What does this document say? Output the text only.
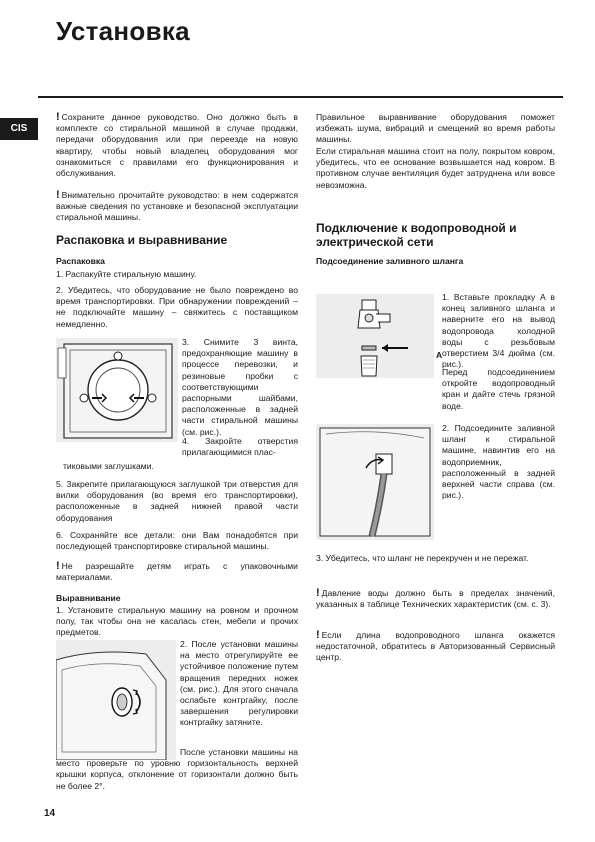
Установка
CIS
! Сохраните данное руководство. Оно должно быть в комплекте со стиральной машиной в случае продажи, передачи оборудования или при переезде на новую квартиру, чтобы новый владелец оборудования мог ознакомиться с правилами его функционирования и обслуживания.
! Внимательно прочитайте руководство: в нем содержатся важные сведения по установке и безопасной эксплуатации стиральной машины.
Распаковка и выравнивание
Распаковка
1. Распакуйте стиральную машину.
2. Убедитесь, что оборудование не было повреждено во время транспортировки. При обнаружении повреждений – не подключайте машину – свяжитесь с поставщиком немедленно.
3. Снимите 3 винта, предохраняющие машину в процессе перевозки, и резиновые пробки с соответствующими распорными шайбами, расположенные в задней части стиральной машины (см. рис.).
4. Закройте отверстия прилагающимися плас-
тиковыми заглушками.
5. Закрепите прилагающуюся заглушкой три отверстия для вилки оборудования (во время его транспортировки), расположенные в задней нижней правой части оборудования
6. Сохраняйте все детали: они Вам понадобятся при последующей транспортировке стиральной машины.
! Не разрешайте детям играть с упаковочными материалами.
Выравнивание
1. Установите стиральную машину на ровном и прочном полу, так чтобы она не касалась стен, мебели и прочих предметов.
2. После установки машины на место отрегулируйте ее устойчивое положение путем вращения передних ножек (см. рис.). Для этого сначала ослабьте контргайку, после завершения регулировки контргайку затяните.
После установки машины на место проверьте по уровню горизонтальность верхней крышки корпуса, отклонение от горизонтали должно быть не более 2°.
Правильное выравнивание оборудования поможет избежать шума, вибраций и смещений во время работы машины.
Если стиральная машина стоит на полу, покрытом ковром, убедитесь, что ее основание возвышается над ковром. В противном случае вентиляция будет затруднена или вовсе невозможна.
Подключение к водопроводной и
электрической сети
Подсоединение заливного шланга
A
1. Вставьте прокладку А в конец заливного шланга и наверните его на вывод водопровода холодной воды с резьбовым отверстием 3/4 дюйма (см. рис.).
Перед подсоединением откройте водопроводный кран и дайте стечь грязной воде.
2. Подсоедините заливной шланг к стиральной машине, навинтив его на водоприемник, расположенный в задней верхней части справа (см. рис.).
3. Убедитесь, что шланг не перекручен и не пережат.
! Давление воды должно быть в пределах значений, указанных в таблице Технических характеристик (см. с. 3).
! Если длина водопроводного шланга окажется недостаточной, обратитесь в Авторизованный Сервисный центр.
14
